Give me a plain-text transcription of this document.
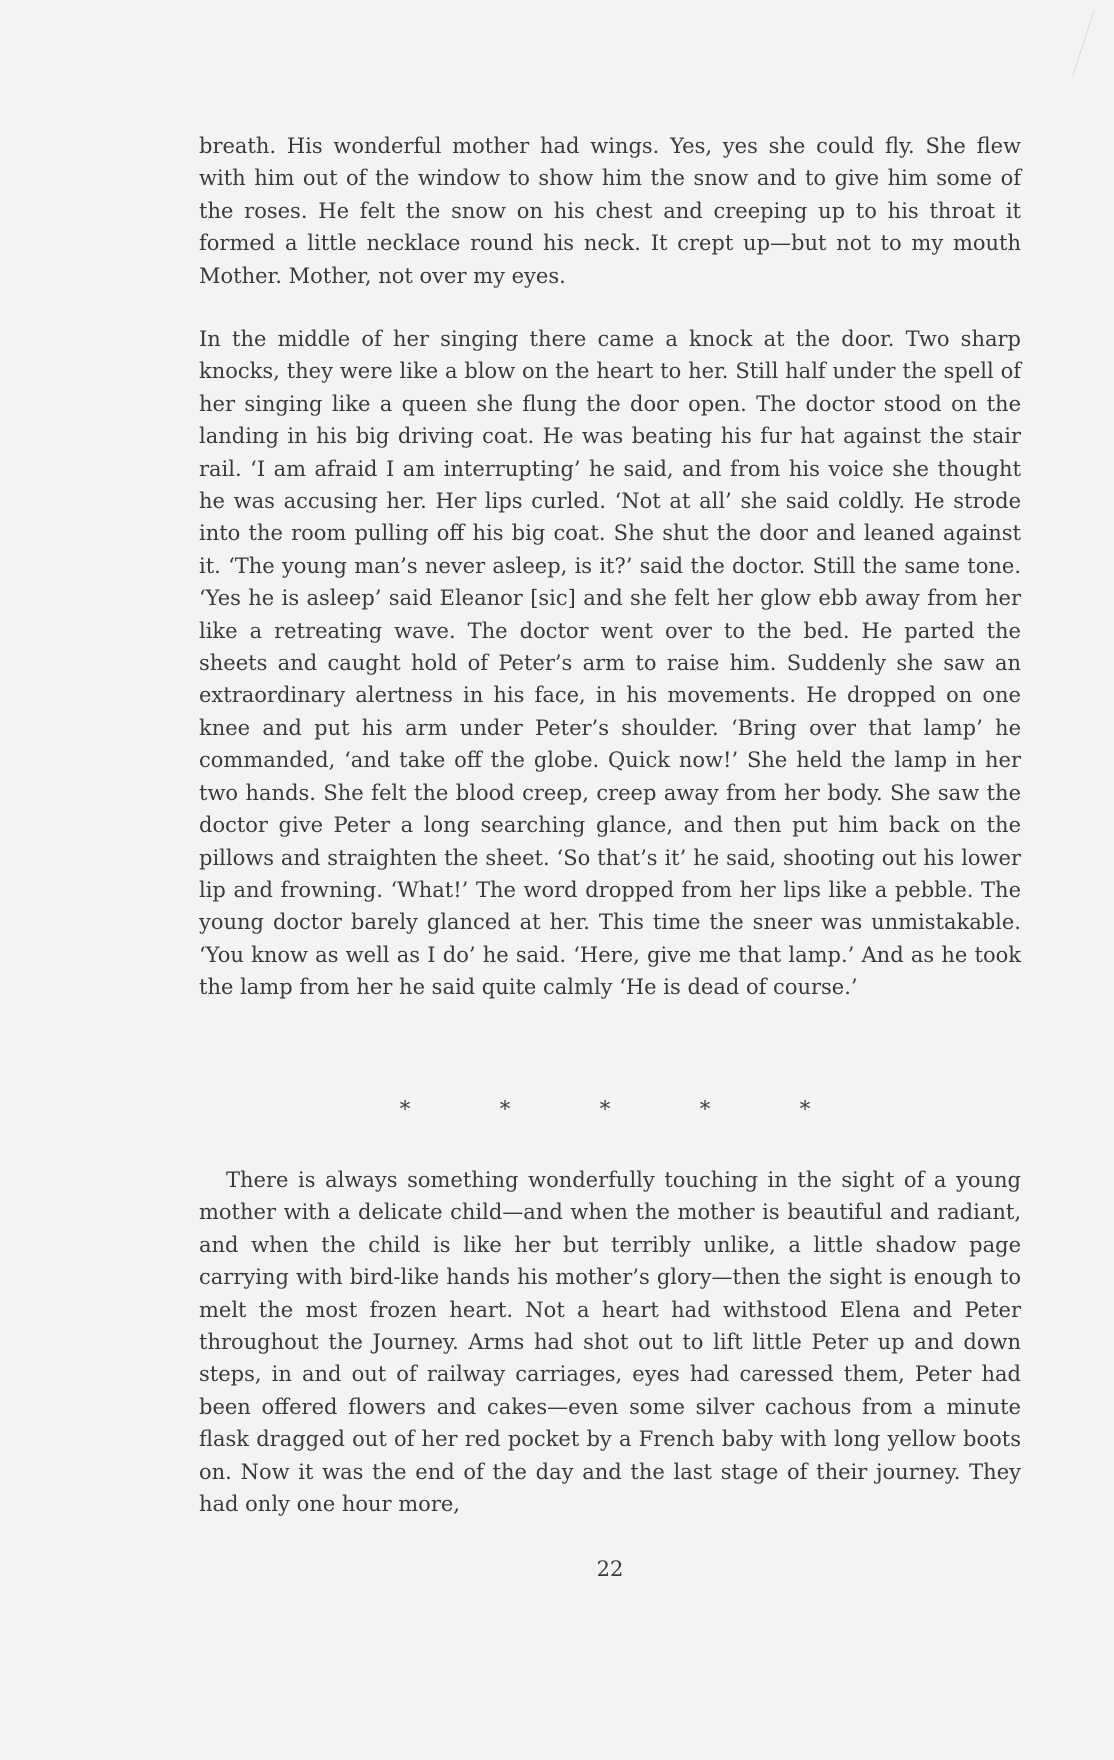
breath. His wonderful mother had wings. Yes, yes she could fly. She flew with him out of the window to show him the snow and to give him some of the roses. He felt the snow on his chest and creeping up to his throat it formed a little necklace round his neck. It crept up—but not to my mouth Mother. Mother, not over my eyes.

In the middle of her singing there came a knock at the door. Two sharp knocks, they were like a blow on the heart to her. Still half under the spell of her singing like a queen she flung the door open. The doctor stood on the landing in his big driving coat. He was beating his fur hat against the stair rail. ‘I am afraid I am interrupting’ he said, and from his voice she thought he was accusing her. Her lips curled. ‘Not at all’ she said coldly. He strode into the room pulling off his big coat. She shut the door and leaned against it. ‘The young man’s never asleep, is it?’ said the doctor. Still the same tone. ‘Yes he is asleep’ said Eleanor [sic] and she felt her glow ebb away from her like a retreating wave. The doctor went over to the bed. He parted the sheets and caught hold of Peter’s arm to raise him. Suddenly she saw an extraordinary alertness in his face, in his movements. He dropped on one knee and put his arm under Peter’s shoulder. ‘Bring over that lamp’ he commanded, ‘and take off the globe. Quick now!’ She held the lamp in her two hands. She felt the blood creep, creep away from her body. She saw the doctor give Peter a long searching glance, and then put him back on the pillows and straighten the sheet. ‘So that’s it’ he said, shooting out his lower lip and frowning. ‘What!’ The word dropped from her lips like a pebble. The young doctor barely glanced at her. This time the sneer was unmistakable. ‘You know as well as I do’ he said. ‘Here, give me that lamp.’ And as he took the lamp from her he said quite calmly ‘He is dead of course.’

*	*	*	*	*

There is always something wonderfully touching in the sight of a young mother with a delicate child—and when the mother is beautiful and radiant, and when the child is like her but terribly unlike, a little shadow page carrying with bird-like hands his mother’s glory—then the sight is enough to melt the most frozen heart. Not a heart had withstood Elena and Peter throughout the Journey. Arms had shot out to lift little Peter up and down steps, in and out of railway carriages, eyes had caressed them, Peter had been offered flowers and cakes—even some silver cachous from a minute flask dragged out of her red pocket by a French baby with long yellow boots on. Now it was the end of the day and the last stage of their journey. They had only one hour more,

22
